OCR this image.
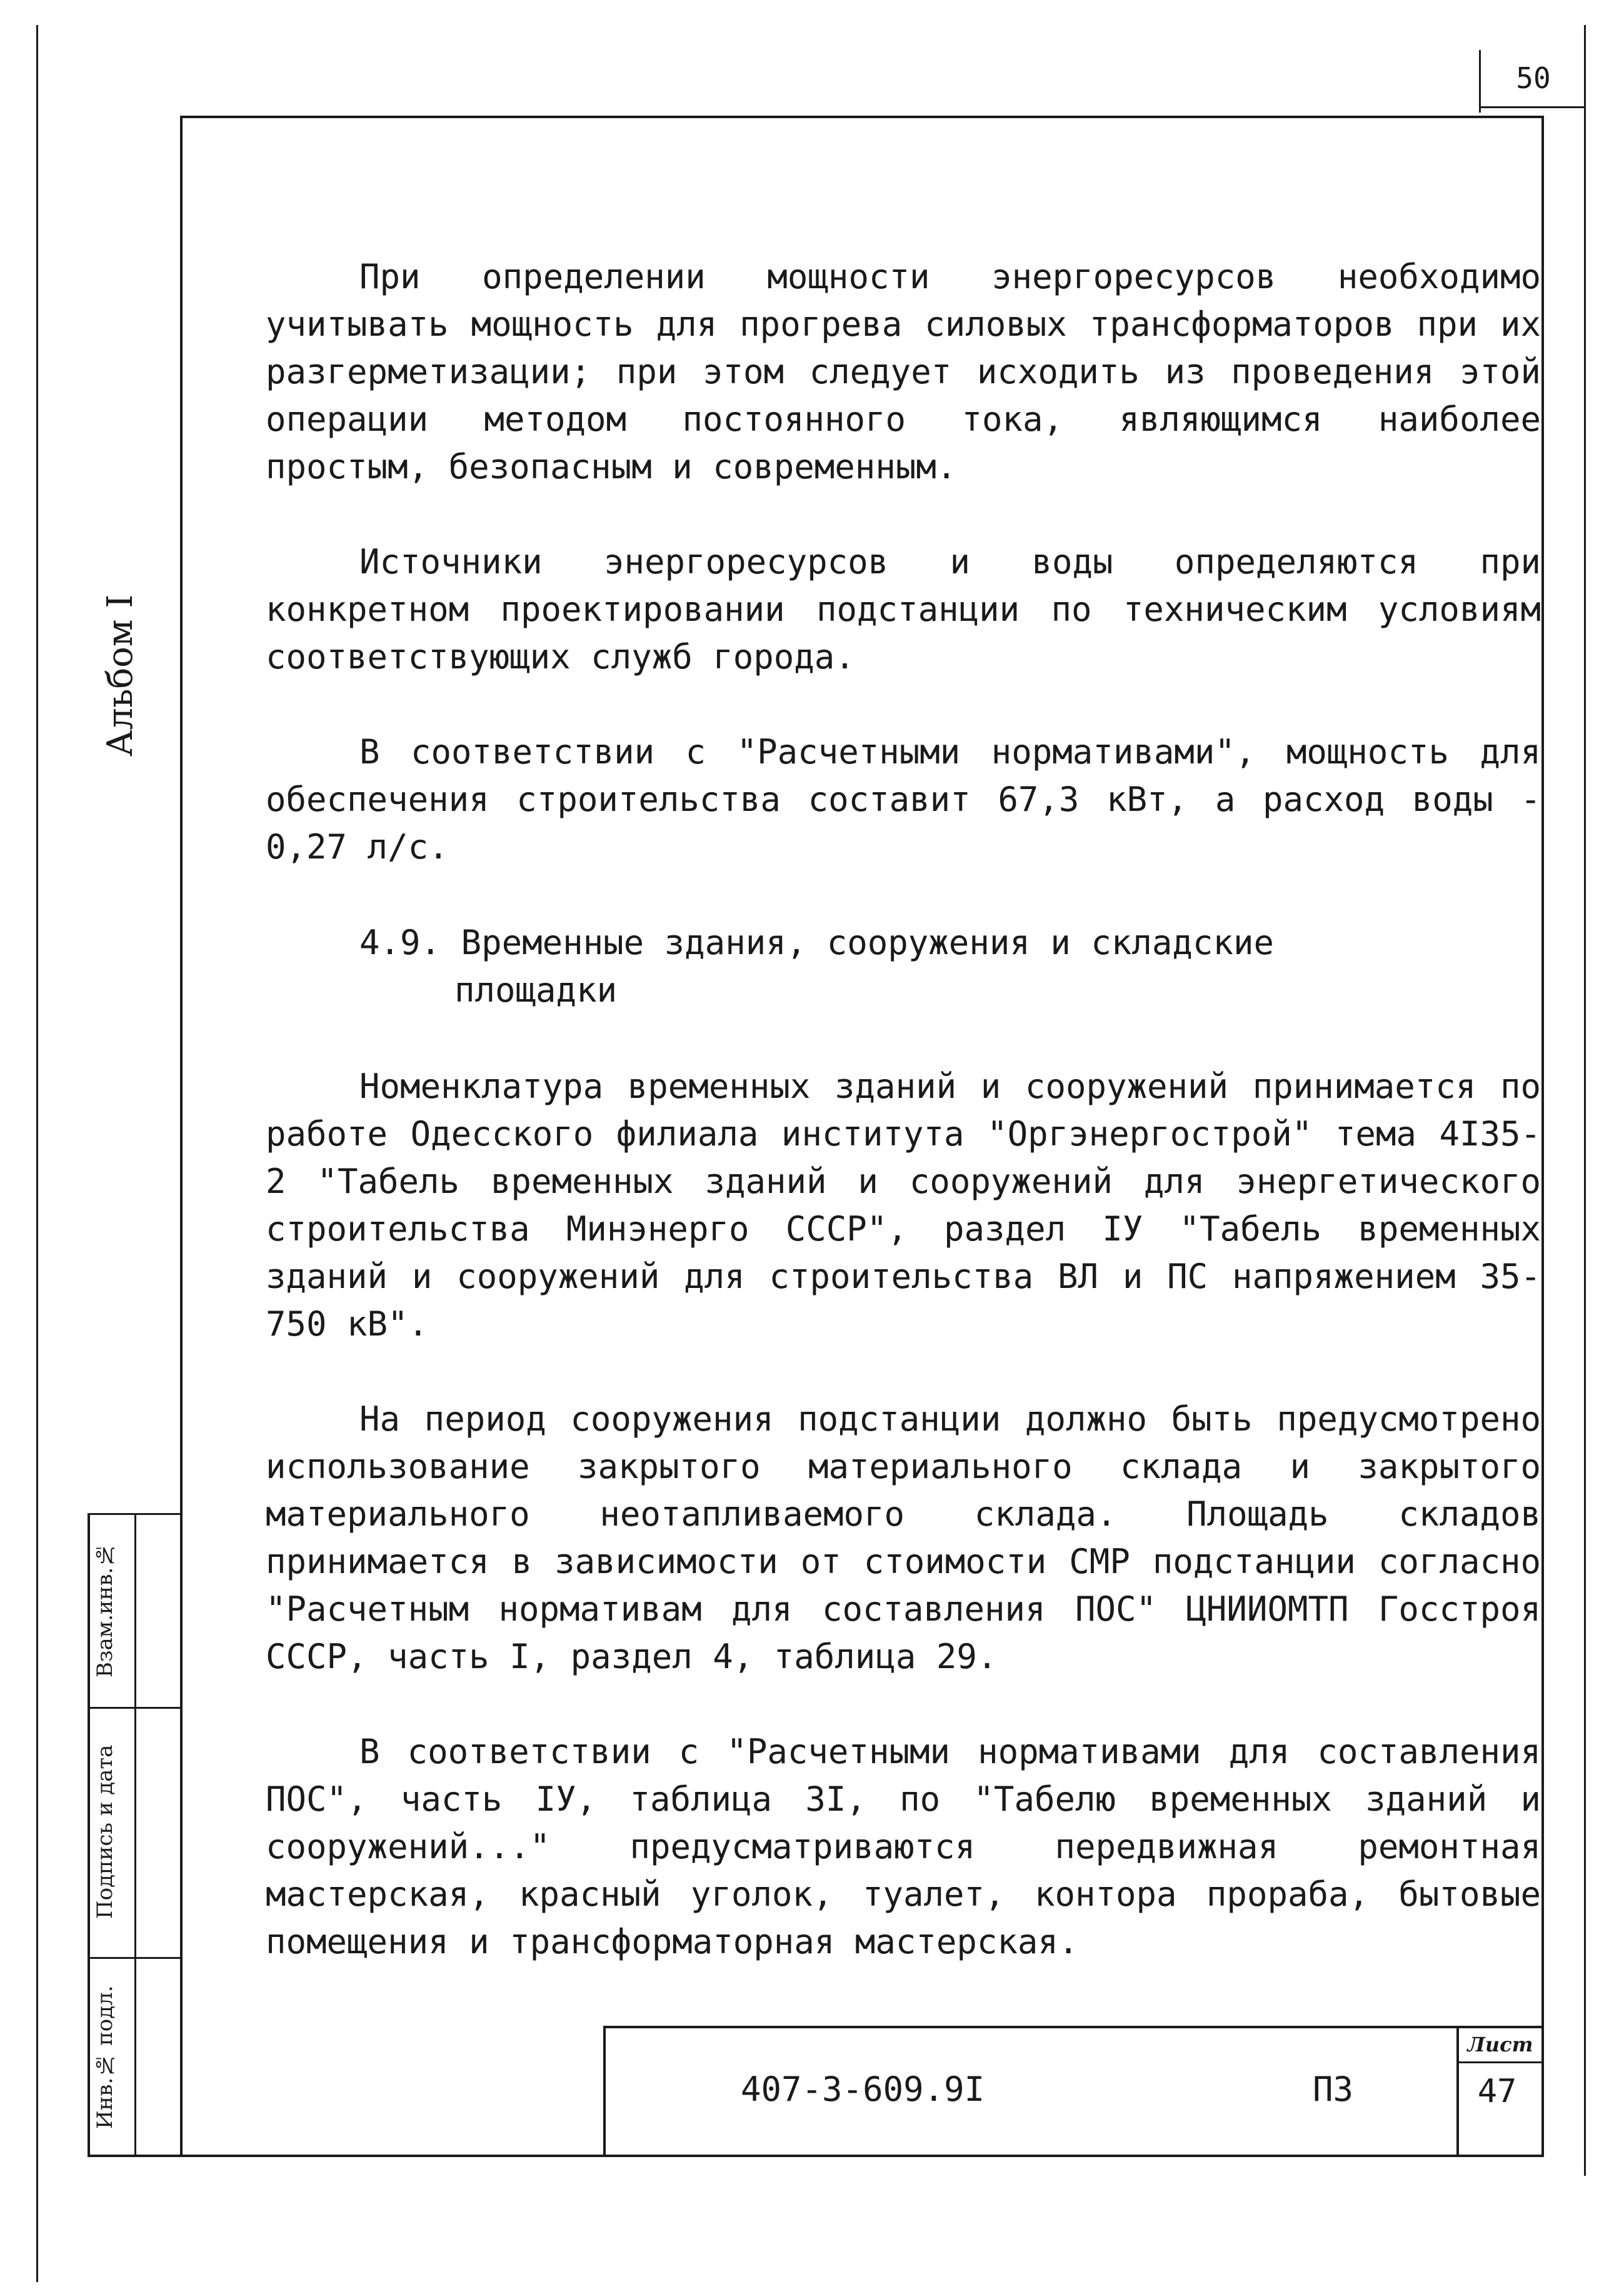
50
Альбом I
Взам.инв.№
Подпись и дата
Инв.№ подл.

При определении мощности энергоресурсов необходимо учитывать мощность для прогрева силовых трансформаторов при их разгерметизации; при этом следует исходить из проведения этой операции методом постоянного тока, являющимся наиболее простым, безопасным и современным.

Источники энергоресурсов и воды определяются при конкретном проектировании подстанции по техническим условиям соответствующих служб города.

В соответствии с "Расчетными нормативами", мощность для обеспечения строительства составит 67,3 кВт, а расход воды - 0,27 л/с.

4.9. Временные здания, сооружения и складские
площадки

Номенклатура временных зданий и сооружений принимается по работе Одесского филиала института "Оргэнергострой" тема 4I35-2 "Табель временных зданий и сооружений для энергетического строительства Минэнерго СССР", раздел IУ "Табель временных зданий и сооружений для строительства ВЛ и ПС напряжением 35-750 кВ".

На период сооружения подстанции должно быть предусмотрено использование закрытого материального склада и закрытого материального неотапливаемого склада. Площадь складов принимается в зависимости от стоимости СМР подстанции согласно "Расчетным нормативам для составления ПОС" ЦНИИОМТП Госстроя СССР, часть I, раздел 4, таблица 29.

В соответствии с "Расчетными нормативами для составления ПОС", часть IУ, таблица 3I, по "Табелю временных зданий и сооружений..." предусматриваются передвижная ремонтная мастерская, красный уголок, туалет, контора прораба, бытовые помещения и трансформаторная мастерская.

407-3-609.9I	ПЗ
Лист
47
